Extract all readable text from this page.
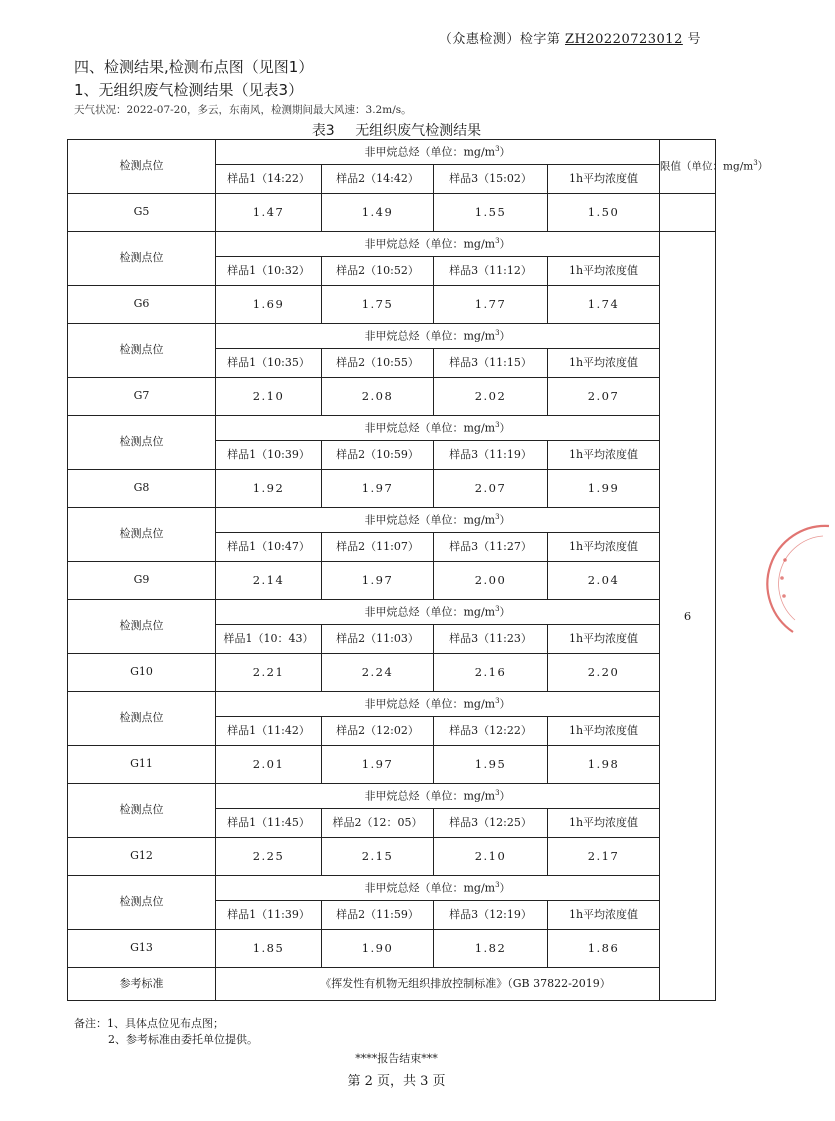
（众惠检测）检字第 ZH20220723012 号
四、检测结果,检测布点图（见图1）
1、无组织废气检测结果（见表3）
天气状况：2022-07-20，多云，东南风，检测期间最大风速：3.2m/s。
表3 无组织废气检测结果
检测点位	非甲烷总烃（单位：$mg/m^3$）				限值（单位：$mg/m^3$）
	样品1（14:22）	样品2（14:42）	样品3（15:02）	1h平均浓度值	
G5	1.47	1.49	1.55	1.50	
检测点位	非甲烷总烃（单位：$mg/m^3$）				6
	样品1（10:32）	样品2（10:52）	样品3（11:12）	1h平均浓度值	
G6	1.69	1.75	1.77	1.74	
检测点位	非甲烷总烃（单位：$mg/m^3$）				
	样品1（10:35）	样品2（10:55）	样品3（11:15）	1h平均浓度值	
G7	2.10	2.08	2.02	2.07	
检测点位	非甲烷总烃（单位：$mg/m^3$）				
	样品1（10:39）	样品2（10:59）	样品3（11:19）	1h平均浓度值	
G8	1.92	1.97	2.07	1.99	
检测点位	非甲烷总烃（单位：$mg/m^3$）				
	样品1（10:47）	样品2（11:07）	样品3（11:27）	1h平均浓度值	
G9	2.14	1.97	2.00	2.04	
检测点位	非甲烷总烃（单位：$mg/m^3$）				
	样品1（10：43）	样品2（11:03）	样品3（11:23）	1h平均浓度值	
G10	2.21	2.24	2.16	2.20	
检测点位	非甲烷总烃（单位：$mg/m^3$）				
	样品1（11:42）	样品2（12:02）	样品3（12:22）	1h平均浓度值	
G11	2.01	1.97	1.95	1.98	
检测点位	非甲烷总烃（单位：$mg/m^3$）				
	样品1（11:45）	样品2（12：05）	样品3（12:25）	1h平均浓度值	
G12	2.25	2.15	2.10	2.17	
检测点位	非甲烷总烃（单位：$mg/m^3$）				
	样品1（11:39）	样品2（11:59）	样品3（12:19）	1h平均浓度值	
G13	1.85	1.90	1.82	1.86	
参考标准	《挥发性有机物无组织排放控制标准》（GB 37822-2019）				
备注：1、具体点位见布点图；
2、参考标准由委托单位提供。
****报告结束***
第 2 页，共 3 页
